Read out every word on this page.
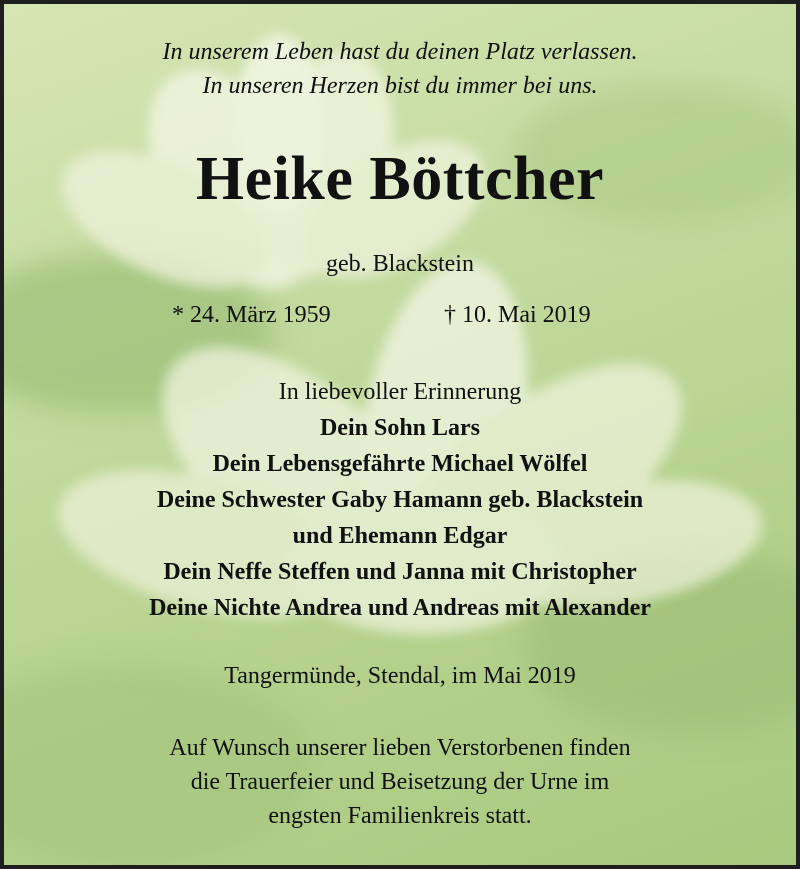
In unserem Leben hast du deinen Platz verlassen.
In unseren Herzen bist du immer bei uns.
Heike Böttcher
geb. Blackstein
* 24. März 1959	† 10. Mai 2019
In liebevoller Erinnerung
Dein Sohn Lars
Dein Lebensgefährte Michael Wölfel
Deine Schwester Gaby Hamann geb. Blackstein
und Ehemann Edgar
Dein Neffe Steffen und Janna mit Christopher
Deine Nichte Andrea und Andreas mit Alexander
Tangermünde, Stendal, im Mai 2019
Auf Wunsch unserer lieben Verstorbenen finden
die Trauerfeier und Beisetzung der Urne im
engsten Familienkreis statt.
